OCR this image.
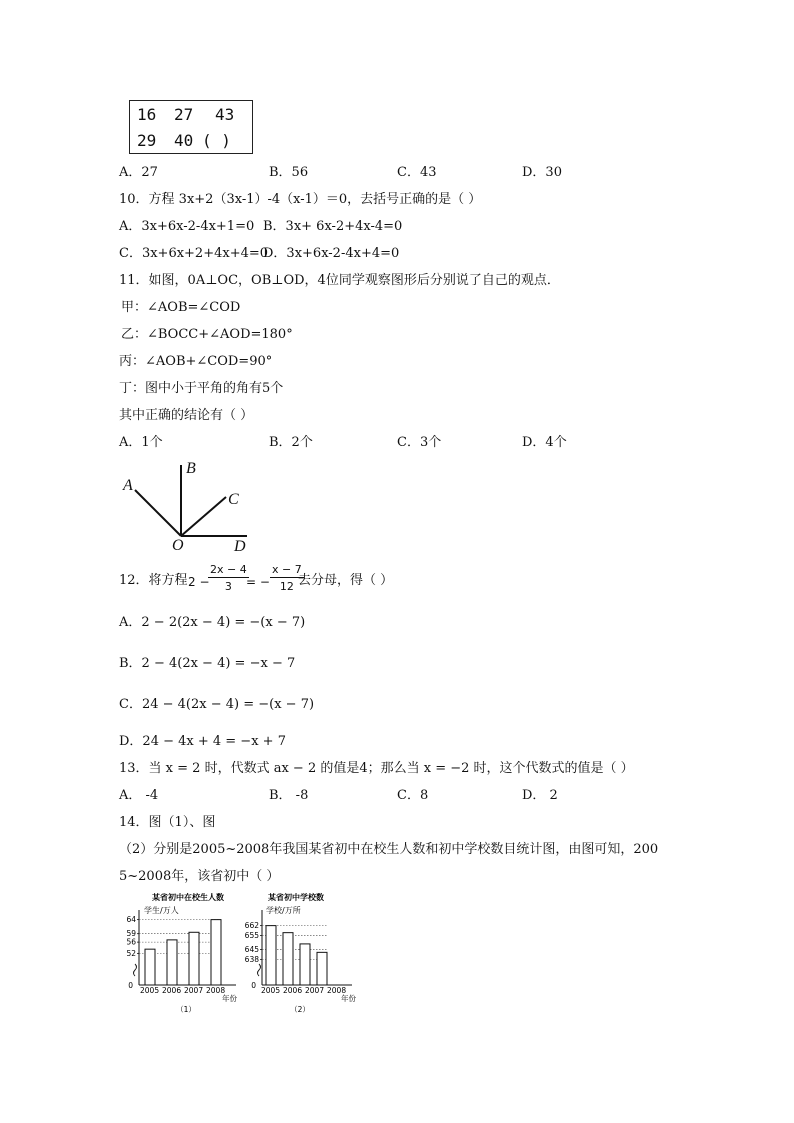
16 27 43
29 40 ( )
A．27	B．56	C．43	D．30
10．方程 3x+2（3x-1）-4（x-1）＝0，去括号正确的是（ ）
A．3x+6x-2-4x+1=0 B．3x+ 6x-2+4x-4=0
C．3x+6x+2+4x+4=0
D．3x+6x-2-4x+4=0
11．如图，0A⊥OC，OB⊥OD，4位同学观察图形后分别说了自己的观点．
甲：∠AOB=∠COD
乙：∠BOCC+∠AOD=180°
丙：∠AOB+∠COD=90°
丁：图中小于平角的角有5个
其中正确的结论有（ ）
A．1个	B．2个	C．3个	D．4个
A
B
C
O	D
12．将方程 2 −
$\frac{2x - 4}{3}$
= − $\frac{x - 7}{12}$
去分母，得（ ）
A．2 − 2(2x − 4) = −(x − 7)
B．2 − 4(2x − 4) = −x − 7
C．24 − 4(2x − 4) = −(x − 7)
D．24 − 4x + 4 = −x + 7
13．当 x = 2 时，代数式 ax − 2 的值是4；那么当 x = −2 时，这个代数式的值是（ ）
A． -4	B． -8	C．8	D． 2
14．图（1）、图
（2）分别是2005~2008年我国某省初中在校生人数和初中学校数目统计图，由图可知，200
5~2008年，该省初中（ ）
某省初中在校生人数
学生/万人
0
年份
（1）
52
56
59
64
2005 2006 2007 2008
某省初中学校数
学校/万所
0
年份
（2）
638
645
655
662
2005 2006 2007 2008
